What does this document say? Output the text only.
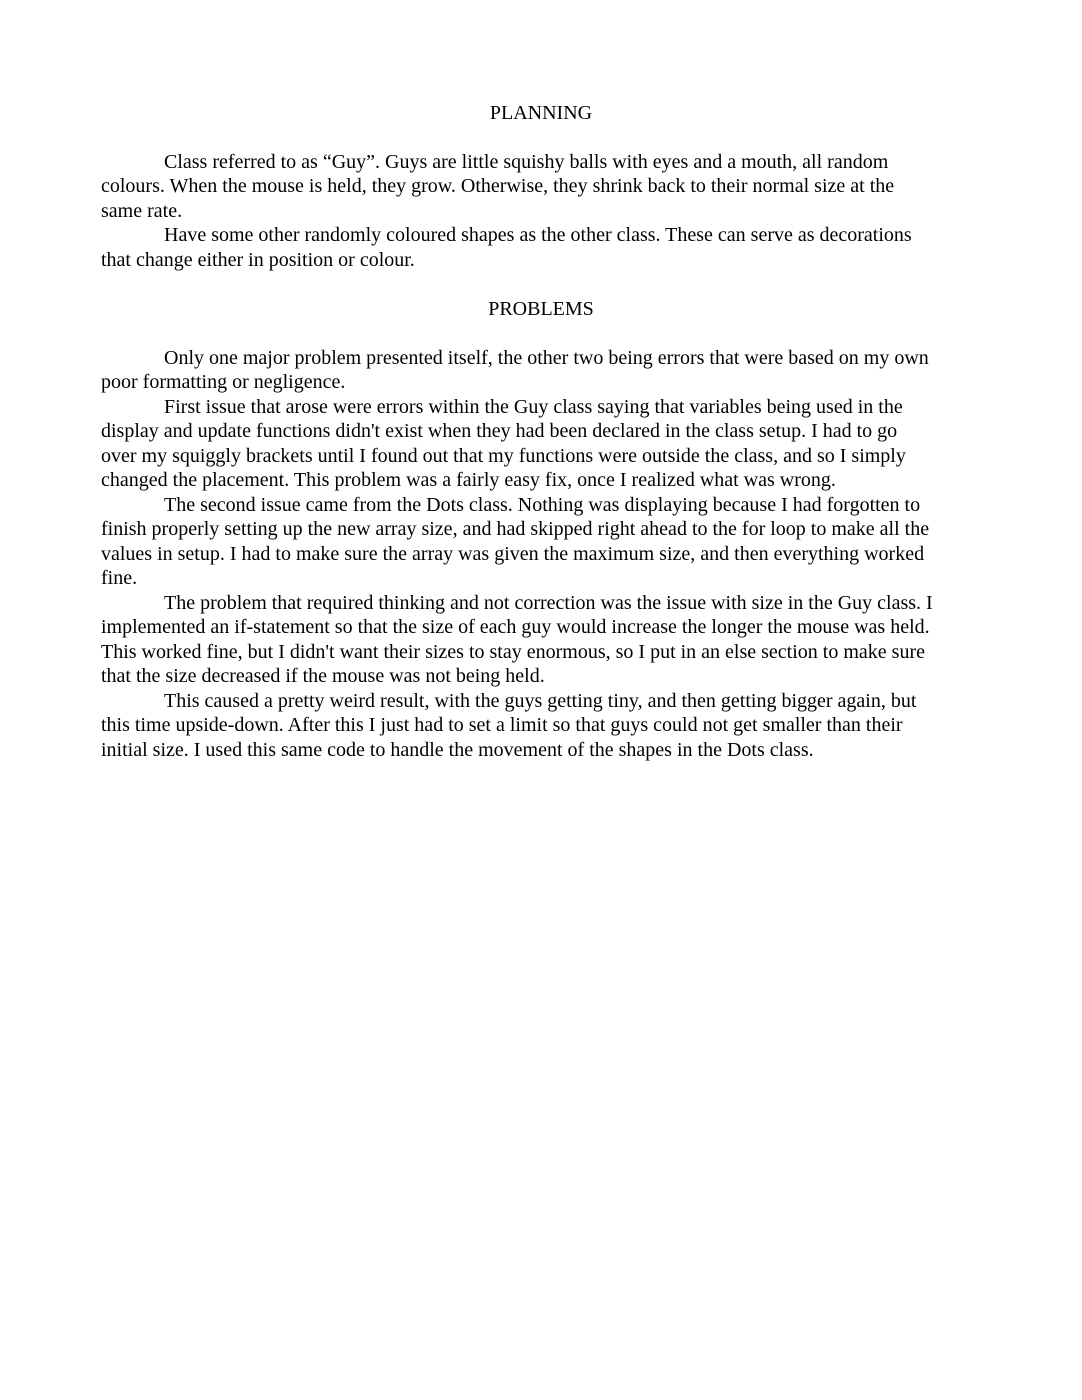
PLANNING
Class referred to as “Guy”. Guys are little squishy balls with eyes and a mouth, all random
colours. When the mouse is held, they grow. Otherwise, they shrink back to their normal size at the
same rate.
Have some other randomly coloured shapes as the other class. These can serve as decorations
that change either in position or colour.
PROBLEMS
Only one major problem presented itself, the other two being errors that were based on my own
poor formatting or negligence.
First issue that arose were errors within the Guy class saying that variables being used in the
display and update functions didn't exist when they had been declared in the class setup. I had to go
over my squiggly brackets until I found out that my functions were outside the class, and so I simply
changed the placement. This problem was a fairly easy fix, once I realized what was wrong.
The second issue came from the Dots class. Nothing was displaying because I had forgotten to
finish properly setting up the new array size, and had skipped right ahead to the for loop to make all the
values in setup. I had to make sure the array was given the maximum size, and then everything worked
fine.
The problem that required thinking and not correction was the issue with size in the Guy class. I
implemented an if-statement so that the size of each guy would increase the longer the mouse was held.
This worked fine, but I didn't want their sizes to stay enormous, so I put in an else section to make sure
that the size decreased if the mouse was not being held.
This caused a pretty weird result, with the guys getting tiny, and then getting bigger again, but
this time upside-down. After this I just had to set a limit so that guys could not get smaller than their
initial size. I used this same code to handle the movement of the shapes in the Dots class.
